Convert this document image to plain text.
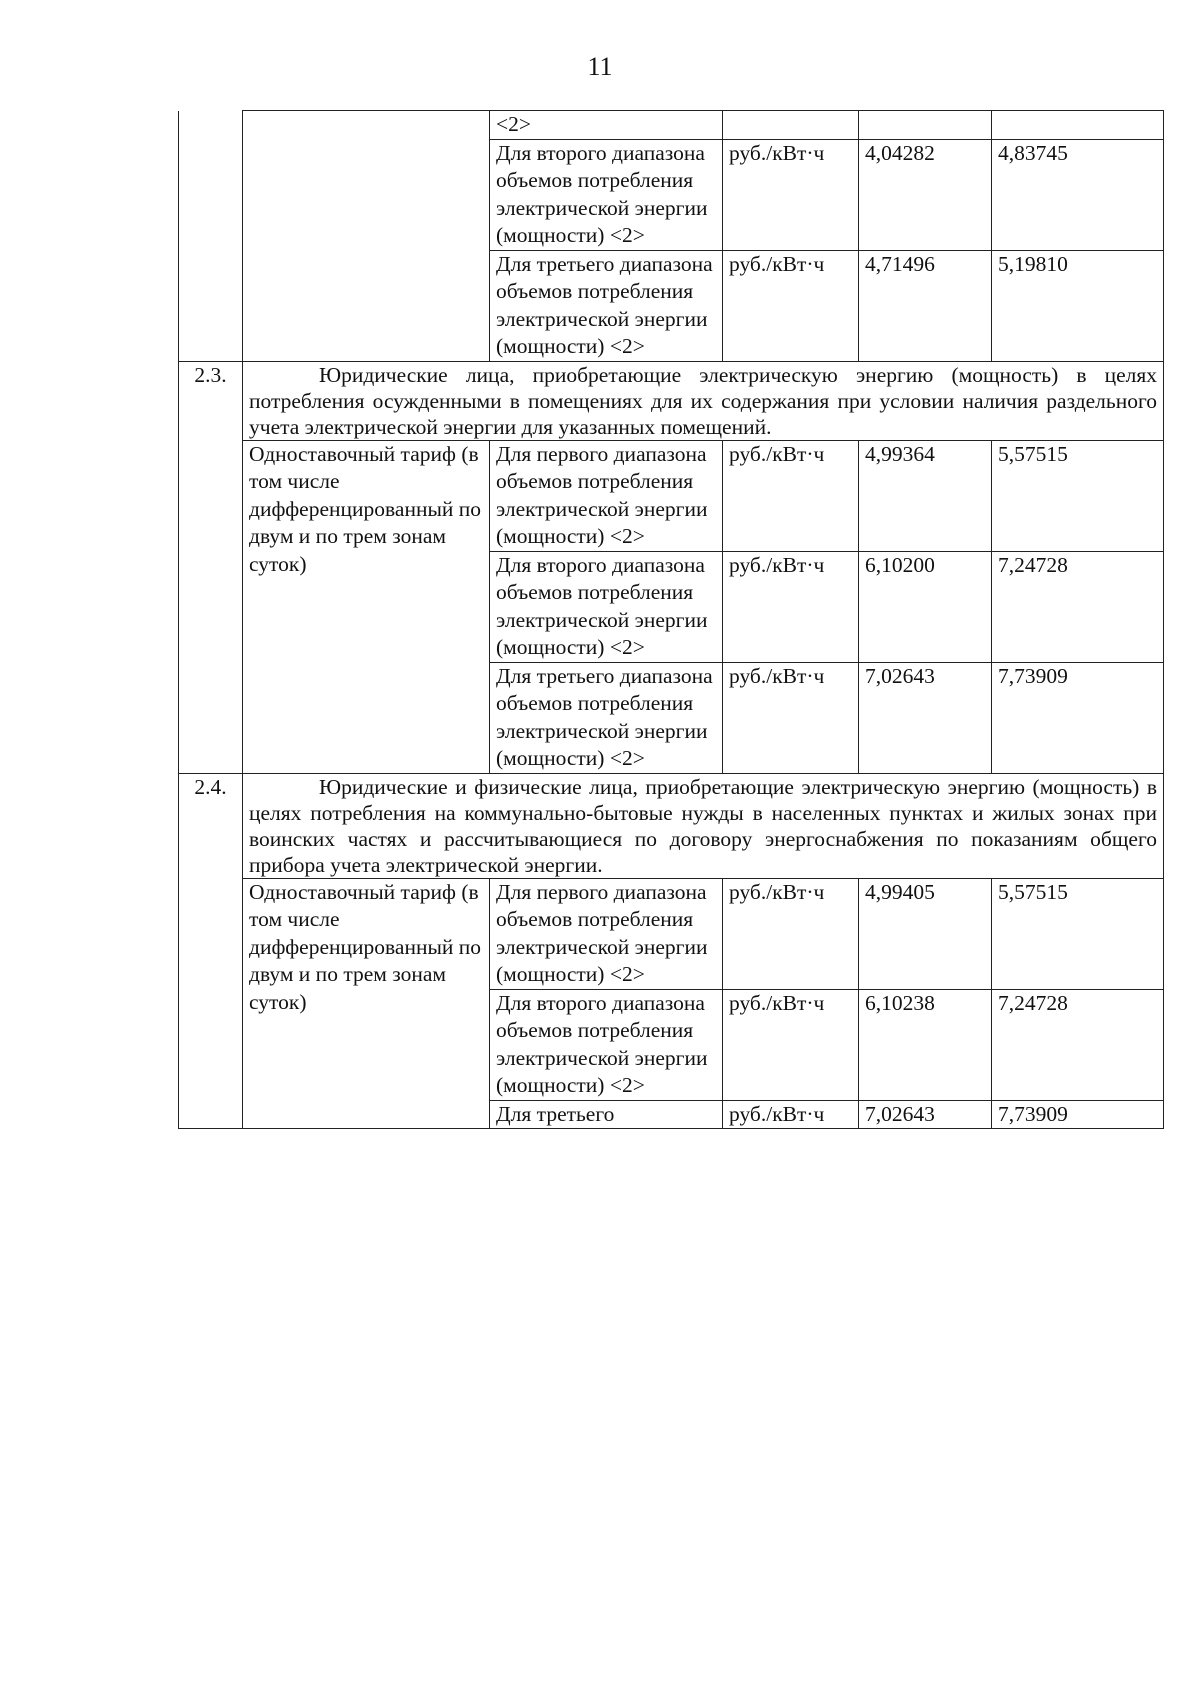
11
		<2>			
		Для второго диапазона объемов потребления электрической энергии (мощности) <2>	руб./кВт·ч	4,04282	4,83745
		Для третьего диапазона объемов потребления электрической энергии (мощности) <2>	руб./кВт·ч	4,71496	5,19810
2.3.	Юридические лица, приобретающие электрическую энергию (мощность) в целях потребления осужденными в помещениях для их содержания при условии наличия раздельного учета электрической энергии для указанных помещений.				
	Одноставочный тариф (в том числе дифференцированный по двум и по трем зонам суток)	Для первого диапазона объемов потребления электрической энергии (мощности) <2>	руб./кВт·ч	4,99364	5,57515
		Для второго диапазона объемов потребления электрической энергии (мощности) <2>	руб./кВт·ч	6,10200	7,24728
		Для третьего диапазона объемов потребления электрической энергии (мощности) <2>	руб./кВт·ч	7,02643	7,73909
2.4.	Юридические и физические лица, приобретающие электрическую энергию (мощность) в целях потребления на коммунально-бытовые нужды в населенных пунктах и жилых зонах при воинских частях и рассчитывающиеся по договору энергоснабжения по показаниям общего прибора учета электрической энергии.				
	Одноставочный тариф (в том числе дифференцированный по двум и по трем зонам суток)	Для первого диапазона объемов потребления электрической энергии (мощности) <2>	руб./кВт·ч	4,99405	5,57515
		Для второго диапазона объемов потребления электрической энергии (мощности) <2>	руб./кВт·ч	6,10238	7,24728
		Для третьего	руб./кВт·ч	7,02643	7,73909
